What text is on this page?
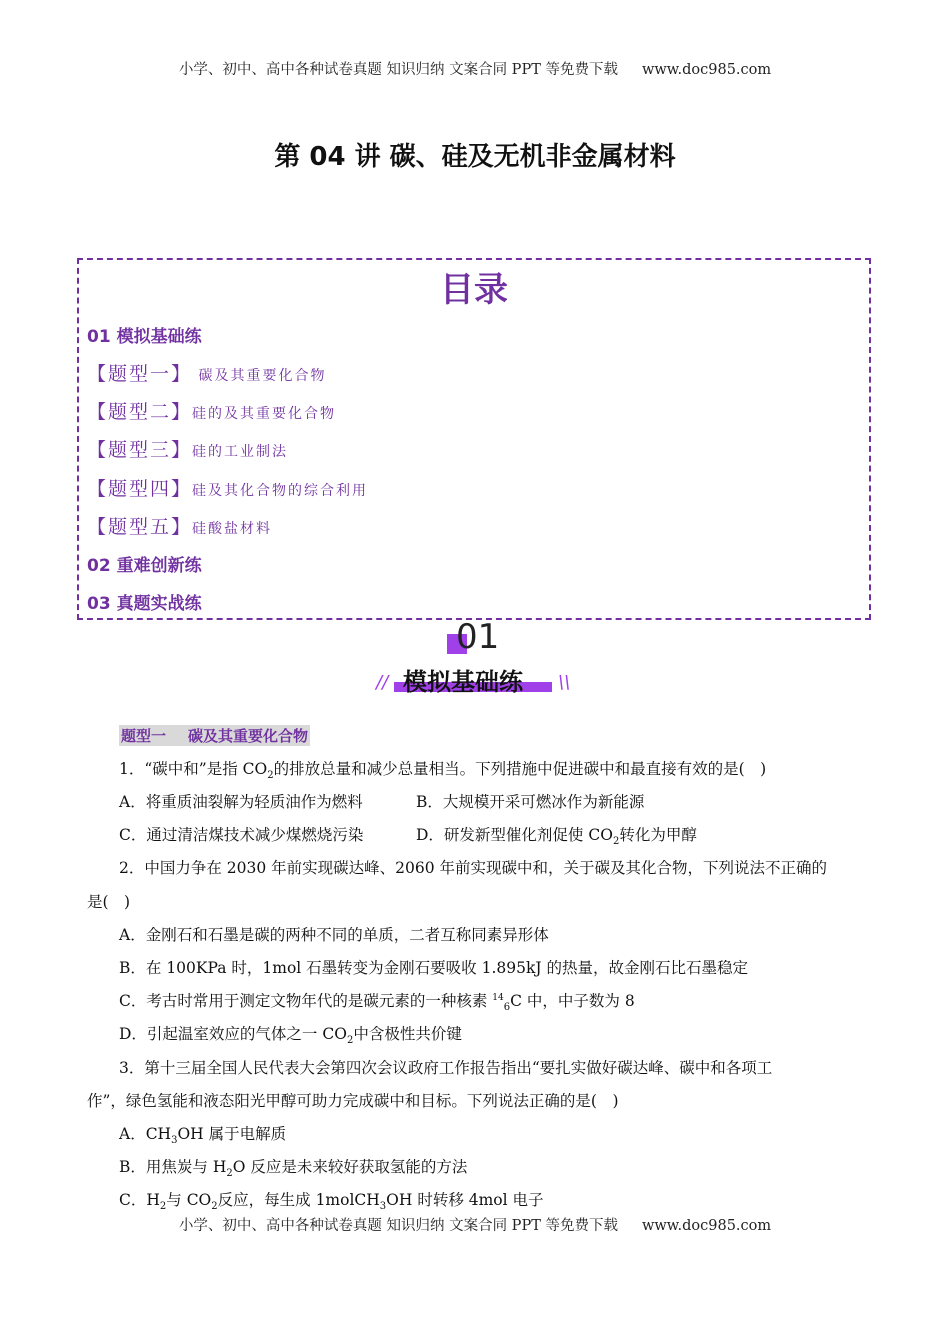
小学、初中、高中各种试卷真题 知识归纳 文案合同 PPT 等免费下载 www.doc985.com
第 04 讲 碳、硅及无机非金属材料
目录
01 模拟基础练
【题型一】 碳及其重要化合物
【题型二】硅的及其重要化合物
【题型三】硅的工业制法
【题型四】硅及其化合物的综合利用
【题型五】硅酸盐材料
02 重难创新练
03 真题实战练
01
模拟基础练
//	\\
题型一 碳及其重要化合物
1．“碳中和”是指 $CO_2$的排放总量和减少总量相当。下列措施中促进碳中和最直接有效的是(　)
A．将重质油裂解为轻质油作为燃料	B．大规模开采可燃冰作为新能源
C．通过清洁煤技术减少煤燃烧污染	D．研发新型催化剂促使 $CO_2$转化为甲醇
2．中国力争在 2030 年前实现碳达峰、2060 年前实现碳中和，关于碳及其化合物，下列说法不正确的
是(　)
A．金刚石和石墨是碳的两种不同的单质，二者互称同素异形体
B．在 100KPa 时，1mol 石墨转变为金刚石要吸收 1.895kJ 的热量，故金刚石比石墨稳定
C．考古时常用于测定文物年代的是碳元素的一种核素 $^{14}_6$C 中，中子数为 8
D．引起温室效应的气体之一 $CO_2$中含极性共价键
3．第十三届全国人民代表大会第四次会议政府工作报告指出“要扎实做好碳达峰、碳中和各项工
作”，绿色氢能和液态阳光甲醇可助力完成碳中和目标。下列说法正确的是(　)
A．$CH_3OH$ 属于电解质
B．用焦炭与 $H_2O$ 反应是未来较好获取氢能的方法
C．$H_2$与 $CO_2$反应，每生成 1molCH$_3$OH 时转移 4mol 电子
小学、初中、高中各种试卷真题 知识归纳 文案合同 PPT 等免费下载 www.doc985.com
